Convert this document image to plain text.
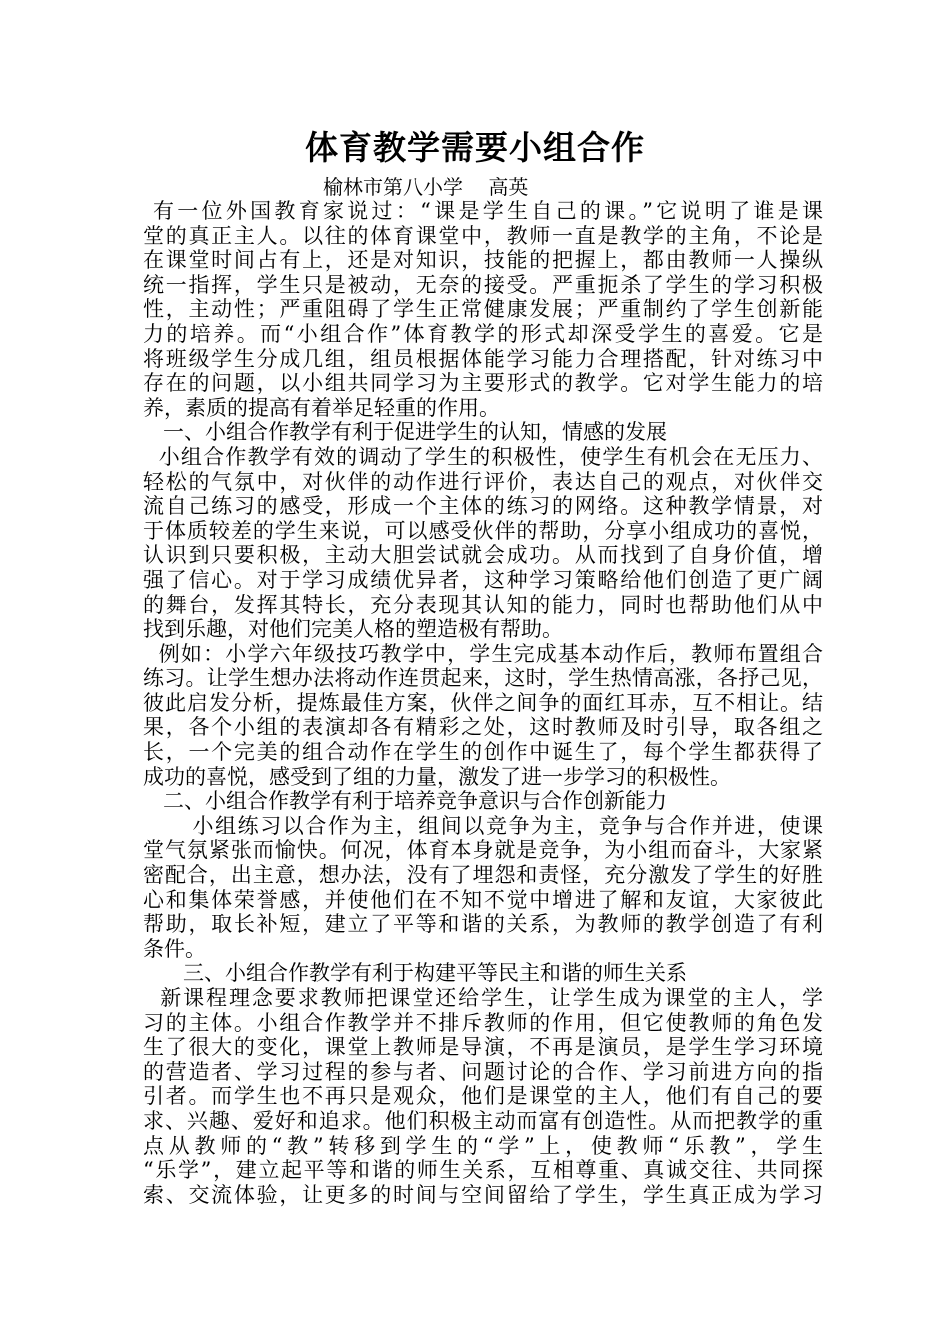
体育教学需要小组合作
榆林市第八小学    高英
有一位外国教育家说过：“课是学生自己的课。”它说明了谁是课
堂的真正主人。以往的体育课堂中，教师一直是教学的主角，不论是
在课堂时间占有上，还是对知识，技能的把握上，都由教师一人操纵
统一指挥，学生只是被动，无奈的接受。严重扼杀了学生的学习积极
性，主动性；严重阻碍了学生正常健康发展；严重制约了学生创新能
力的培养。而“小组合作”体育教学的形式却深受学生的喜爱。它是
将班级学生分成几组，组员根据体能学习能力合理搭配，针对练习中
存在的问题，以小组共同学习为主要形式的教学。它对学生能力的培
养，素质的提高有着举足轻重的作用。
一、小组合作教学有利于促进学生的认知，情感的发展
小组合作教学有效的调动了学生的积极性，使学生有机会在无压力、
轻松的气氛中，对伙伴的动作进行评价，表达自己的观点，对伙伴交
流自己练习的感受，形成一个主体的练习的网络。这种教学情景，对
于体质较差的学生来说，可以感受伙伴的帮助，分享小组成功的喜悦，
认识到只要积极，主动大胆尝试就会成功。从而找到了自身价值，增
强了信心。对于学习成绩优异者，这种学习策略给他们创造了更广阔
的舞台，发挥其特长，充分表现其认知的能力，同时也帮助他们从中
找到乐趣，对他们完美人格的塑造极有帮助。
例如：小学六年级技巧教学中，学生完成基本动作后，教师布置组合
练习。让学生想办法将动作连贯起来，这时，学生热情高涨，各抒己见，
彼此启发分析，提炼最佳方案，伙伴之间争的面红耳赤，互不相让。结
果，各个小组的表演却各有精彩之处，这时教师及时引导，取各组之
长，一个完美的组合动作在学生的创作中诞生了，每个学生都获得了
成功的喜悦，感受到了组的力量，激发了进一步学习的积极性。
二、小组合作教学有利于培养竞争意识与合作创新能力
小组练习以合作为主，组间以竞争为主，竞争与合作并进，使课
堂气氛紧张而愉快。何况，体育本身就是竞争，为小组而奋斗，大家紧
密配合，出主意，想办法，没有了埋怨和责怪，充分激发了学生的好胜
心和集体荣誉感，并使他们在不知不觉中增进了解和友谊，大家彼此
帮助，取长补短，建立了平等和谐的关系，为教师的教学创造了有利
条件。
三、小组合作教学有利于构建平等民主和谐的师生关系
新课程理念要求教师把课堂还给学生，让学生成为课堂的主人，学
习的主体。小组合作教学并不排斥教师的作用，但它使教师的角色发
生了很大的变化，课堂上教师是导演，不再是演员，是学生学习环境
的营造者、学习过程的参与者、问题讨论的合作、学习前进方向的指
引者。而学生也不再只是观众，他们是课堂的主人，他们有自己的要
求、兴趣、爱好和追求。他们积极主动而富有创造性。从而把教学的重
点从教师的“教”转移到学生的“学”上，使教师“乐教”，学生
“乐学”，建立起平等和谐的师生关系，互相尊重、真诚交往、共同探
索、交流体验，让更多的时间与空间留给了学生，学生真正成为学习
